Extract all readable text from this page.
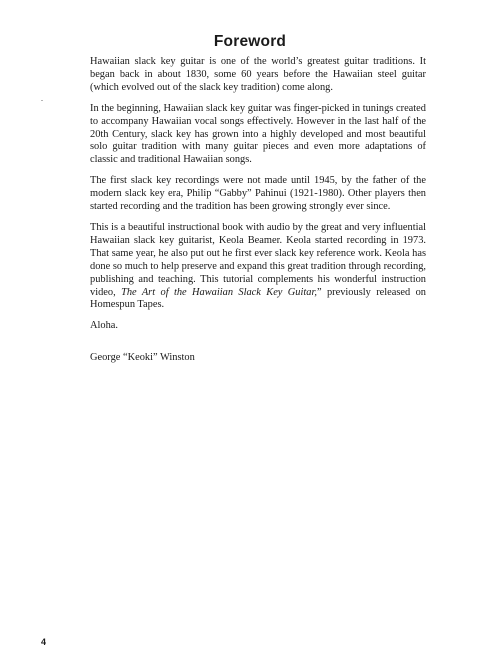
Foreword

Hawaiian slack key guitar is one of the world’s greatest guitar traditions. It began back in about 1830, some 60 years before the Hawaiian steel guitar (which evolved out of the slack key tradition) come along.

In the beginning, Hawaiian slack key guitar was finger-picked in tunings created to accompany Hawaiian vocal songs effectively. However in the last half of the 20th Century, slack key has grown into a highly developed and most beautiful solo guitar tradition with many guitar pieces and even more adaptations of classic and traditional Hawaiian songs.

The first slack key recordings were not made until 1945, by the father of the modern slack key era, Philip “Gabby” Pahinui (1921-1980). Other players then started recording and the tradition has been growing strongly ever since.

This is a beautiful instructional book with audio by the great and very influential Hawaiian slack key guitarist, Keola Beamer. Keola started recording in 1973. That same year, he also put out he first ever slack key reference work. Keola has done so much to help preserve and expand this great tradition through recording, publishing and teaching. This tutorial complements his wonderful instruction video, The Art of the Hawaiian Slack Key Guitar,” previously released on Homespun Tapes.

Aloha.

George “Keoki” Winston

4
